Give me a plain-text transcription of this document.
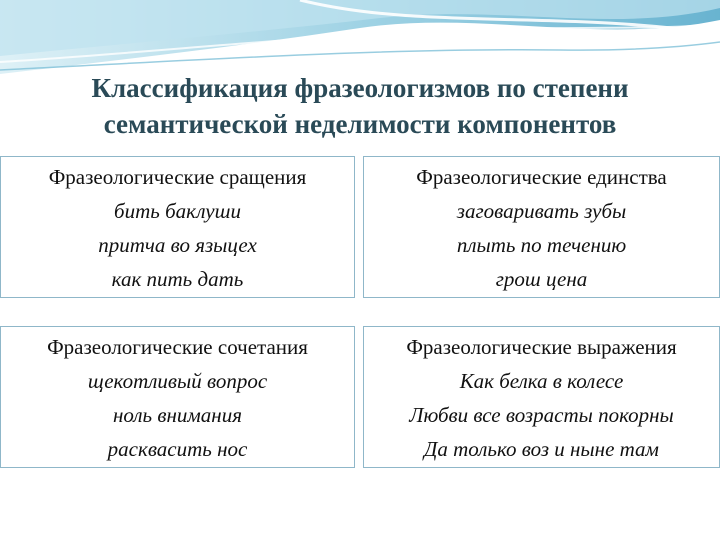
Классификация фразеологизмов по степени
семантической неделимости компонентов
Фразеологические сращения
бить баклуши
притча во языцех
как пить дать
Фразеологические единства
заговаривать зубы
плыть по течению
грош цена
Фразеологические сочетания
щекотливый вопрос
ноль внимания
расквасить нос
Фразеологические выражения
Как белка в колесе
Любви все возрасты покорны
Да только воз и ныне там
